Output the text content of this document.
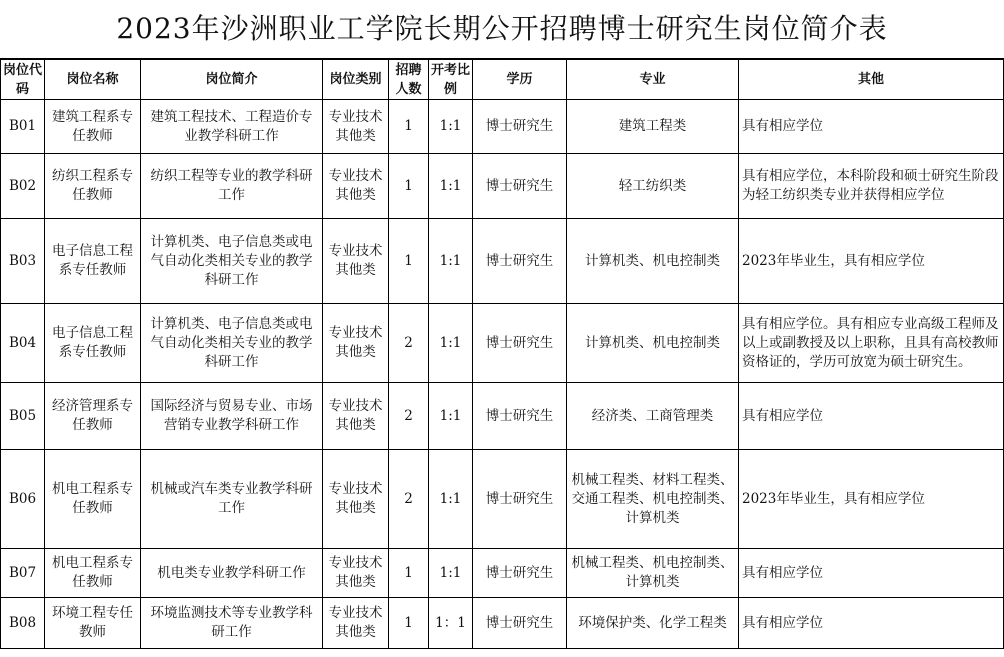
2023年沙洲职业工学院长期公开招聘博士研究生岗位简介表
岗位代码	岗位名称	岗位简介	岗位类别	招聘人数	开考比例	学历	专业	其他
B01	建筑工程系专任教师	建筑工程技术、工程造价专业教学科研工作	专业技术其他类	1	1:1	博士研究生	建筑工程类	具有相应学位
B02	纺织工程系专任教师	纺织工程等专业的教学科研工作	专业技术其他类	1	1:1	博士研究生	轻工纺织类	具有相应学位，本科阶段和硕士研究生阶段为轻工纺织类专业并获得相应学位
B03	电子信息工程系专任教师	计算机类、电子信息类或电气自动化类相关专业的教学科研工作	专业技术其他类	1	1:1	博士研究生	计算机类、机电控制类	2023年毕业生，具有相应学位
B04	电子信息工程系专任教师	计算机类、电子信息类或电气自动化类相关专业的教学科研工作	专业技术其他类	2	1:1	博士研究生	计算机类、机电控制类	具有相应学位。具有相应专业高级工程师及以上或副教授及以上职称，且具有高校教师资格证的，学历可放宽为硕士研究生。
B05	经济管理系专任教师	国际经济与贸易专业、市场营销专业教学科研工作	专业技术其他类	2	1:1	博士研究生	经济类、工商管理类	具有相应学位
B06	机电工程系专任教师	机械或汽车类专业教学科研工作	专业技术其他类	2	1:1	博士研究生	机械工程类、材料工程类、交通工程类、机电控制类、计算机类	2023年毕业生，具有相应学位
B07	机电工程系专任教师	机电类专业教学科研工作	专业技术其他类	1	1:1	博士研究生	机械工程类、机电控制类、计算机类	具有相应学位
B08	环境工程专任教师	环境监测技术等专业教学科研工作	专业技术其他类	1	1：1	博士研究生	环境保护类、化学工程类	具有相应学位
